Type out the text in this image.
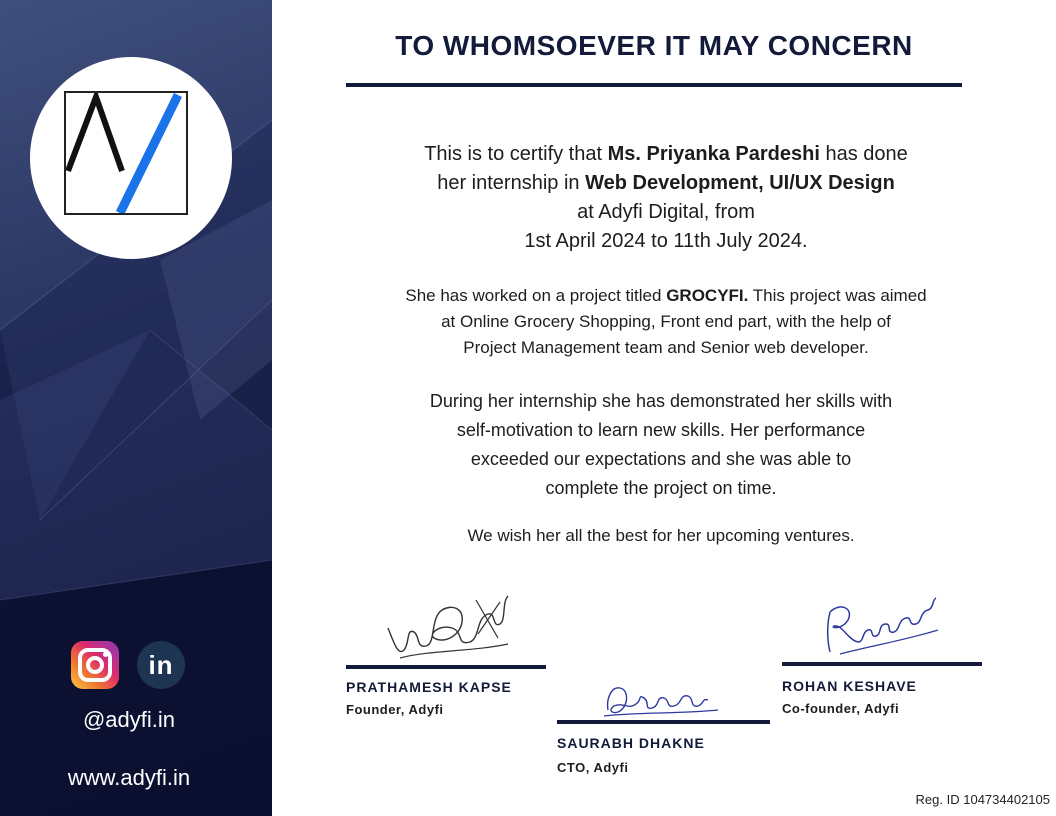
in
@adyfi.in
www.adyfi.in
TO WHOMSOEVER IT MAY CONCERN

This is to certify that Ms. Priyanka Pardeshi has done
her internship in Web Development, UI/UX Design
at Adyfi Digital, from
1st April 2024 to 11th July 2024.

She has worked on a project titled GROCYFI. This project was aimed
at Online Grocery Shopping, Front end part, with the help of
Project Management team and Senior web developer.

During her internship she has demonstrated her skills with
self-motivation to learn new skills. Her performance
exceeded our expectations and she was able to
complete the project on time.

We wish her all the best for her upcoming ventures.

PRATHAMESH KAPSE
Founder, Adyfi
SAURABH DHAKNE
CTO, Adyfi
ROHAN KESHAVE
Co-founder, Adyfi
Reg. ID 104734402105
